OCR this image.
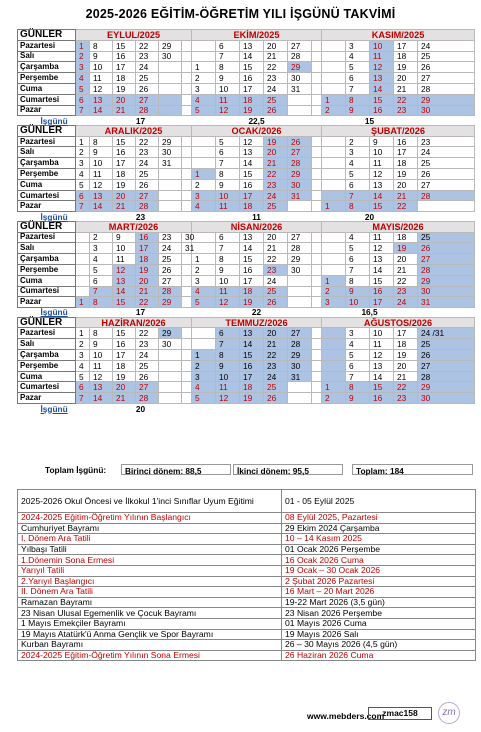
2025-2026 EĞİTİM-ÖĞRETİM YILI İŞGÜNÜ TAKVİMİ
GÜNLER	EYLUL/2025						EKİM/2025						KASIM/2025				
Pazartesi	1	8	15	22	29			6	13	20	27			3	10	17	24
Salı	2	9	16	23	30			7	14	21	28			4	11	18	25
Çarşamba	3	10	17	24			1	8	15	22	29			5	12	19	26
Perşembe	4	11	18	25			2	9	16	23	30			6	13	20	27
Cuma	5	12	19	26			3	10	17	24	31			7	14	21	28
Cumartesi	6	13	20	27			4	11	18	25			1	8	15	22	29
Pazar	7	14	21	28			5	12	19	26			2	9	16	23	30
İşgünü		17					22,5						15				
GÜNLER	ARALIK/2025						OCAK/2026						ŞUBAT/2026				
Pazartesi	1	8	15	22	29			5	12	19	26			2	9	16	23
Salı	2	9	16	23	30			6	13	20	27			3	10	17	24
Çarşamba	3	10	17	24	31			7	14	21	28			4	11	18	25
Perşembe	4	11	18	25			1	8	15	22	29			5	12	19	26
Cuma	5	12	19	26			2	9	16	23	30			6	13	20	27
Cumartesi	6	13	20	27			3	10	17	24	31			7	14	21	28
Pazar	7	14	21	28			4	11	18	25			1	8	15	22	
İşgünü		23					11						20				
GÜNLER	MART/2026						NİSAN/2026						MAYIS/2026				
Pazartesi		2	9	16	23	30		6	13	20	27			4	11	18	25
Salı		3	10	17	24	31		7	14	21	28			5	12	19	26
Çarşamba		4	11	18	25		1	8	15	22	29			6	13	20	27
Perşembe		5	12	19	26		2	9	16	23	30			7	14	21	28
Cuma		6	13	20	27		3	10	17	24			1	8	15	22	29
Cumartesi		7	14	21	28		4	11	18	25			2	9	16	23	30
Pazar	1	8	15	22	29		5	12	19	26			3	10	17	24	31
İşgünü		17					22						16,5				
GÜNLER	HAZİRAN/2026						TEMMUZ/2026						AĞUSTOS/2026				
Pazartesi	1	8	15	22	29			6	13	20	27			3	10	17	24 /31
Salı	2	9	16	23	30			7	14	21	28			4	11	18	25
Çarşamba	3	10	17	24			1	8	15	22	29			5	12	19	26
Perşembe	4	11	18	25			2	9	16	23	30			6	13	20	27
Cuma	5	12	19	26			3	10	17	24	31			7	14	21	28
Cumartesi	6	13	20	27			4	11	18	25			1	8	15	22	29
Pazar	7	14	21	28			5	12	19	26			2	9	16	23	30
İşgünü		20															
Toplam İşgünü:	Birinci dönem: 88,5	İkinci dönem: 95,5	Toplam: 184
2025-2026 Okul Öncesi ve İlkokul 1'inci Sınıflar Uyum Eğitimi	01 - 05 Eylül 2025
2024-2025 Eğitim-Öğretim Yılının Başlangıcı	08 Eylül 2025, Pazartesi
Cumhuriyet Bayramı	29 Ekim 2024 Çarşamba
I. Dönem Ara Tatili	10 – 14 Kasım 2025
Yılbaşı Tatili	01 Ocak 2026 Perşembe
1.Dönemin Sona Ermesi	16 Ocak 2026 Cuma
Yarıyıl Tatili	19 Ocak – 30 Ocak 2026
2.Yarıyıl Başlangıcı	2 Şubat 2026 Pazartesi
II. Dönem Ara Tatili	16 Mart – 20 Mart 2026
Ramazan Bayramı	19-22 Mart 2026 (3,5 gün)
23 Nisan Ulusal Egemenlik ve Çocuk Bayramı	23 Nisan 2026 Perşembe
1 Mayıs Emekçiler Bayramı	01 Mayıs 2026 Cuma
19 Mayıs Atatürk'ü Anma Gençlik ve Spor Bayramı	19 Mayıs 2026 Salı
Kurban Bayramı	26 – 30 Mayıs 2026 (4,5 gün)
2024-2025 Eğitim-Öğretim Yılının Sona Ermesi	26 Haziran 2026 Cuma
www.mebders.com
zmac158	zm
